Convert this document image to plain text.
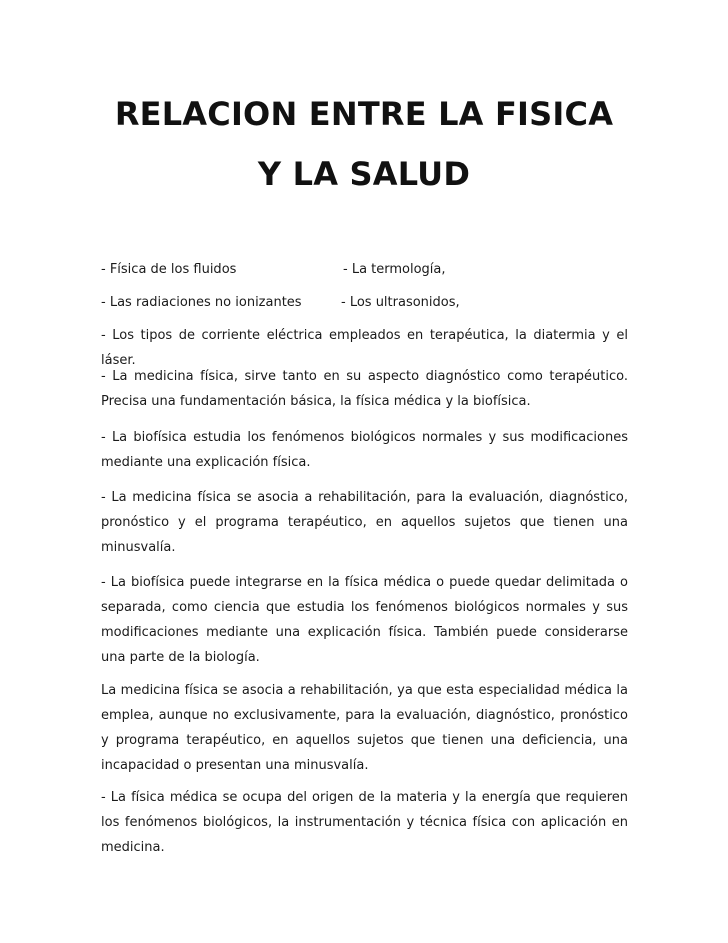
RELACION ENTRE LA FISICA
Y LA SALUD
- Física de los fluidos	- La termología,
- Las radiaciones no ionizantes	- Los ultrasonidos,

- Los tipos de corriente eléctrica empleados en terapéutica, la diatermia y el láser.

- La medicina física, sirve tanto en su aspecto diagnóstico como terapéutico. Precisa una fundamentación básica, la física médica y la biofísica.

- La biofísica estudia los fenómenos biológicos normales y sus modificaciones mediante una explicación física.

- La medicina física se asocia a rehabilitación, para la evaluación, diagnóstico, pronóstico y el programa terapéutico, en aquellos sujetos que tienen una minusvalía.

- La biofísica puede integrarse en la física médica o puede quedar delimitada o separada, como ciencia que estudia los fenómenos biológicos normales y sus modificaciones mediante una explicación física. También puede considerarse una parte de la biología.

La medicina física se asocia a rehabilitación, ya que esta especialidad médica la emplea, aunque no exclusivamente, para la evaluación, diagnóstico, pronóstico y programa terapéutico, en aquellos sujetos que tienen una deficiencia, una incapacidad o presentan una minusvalía.

- La física médica se ocupa del origen de la materia y la energía que requieren los fenómenos biológicos, la instrumentación y técnica física con aplicación en medicina.
